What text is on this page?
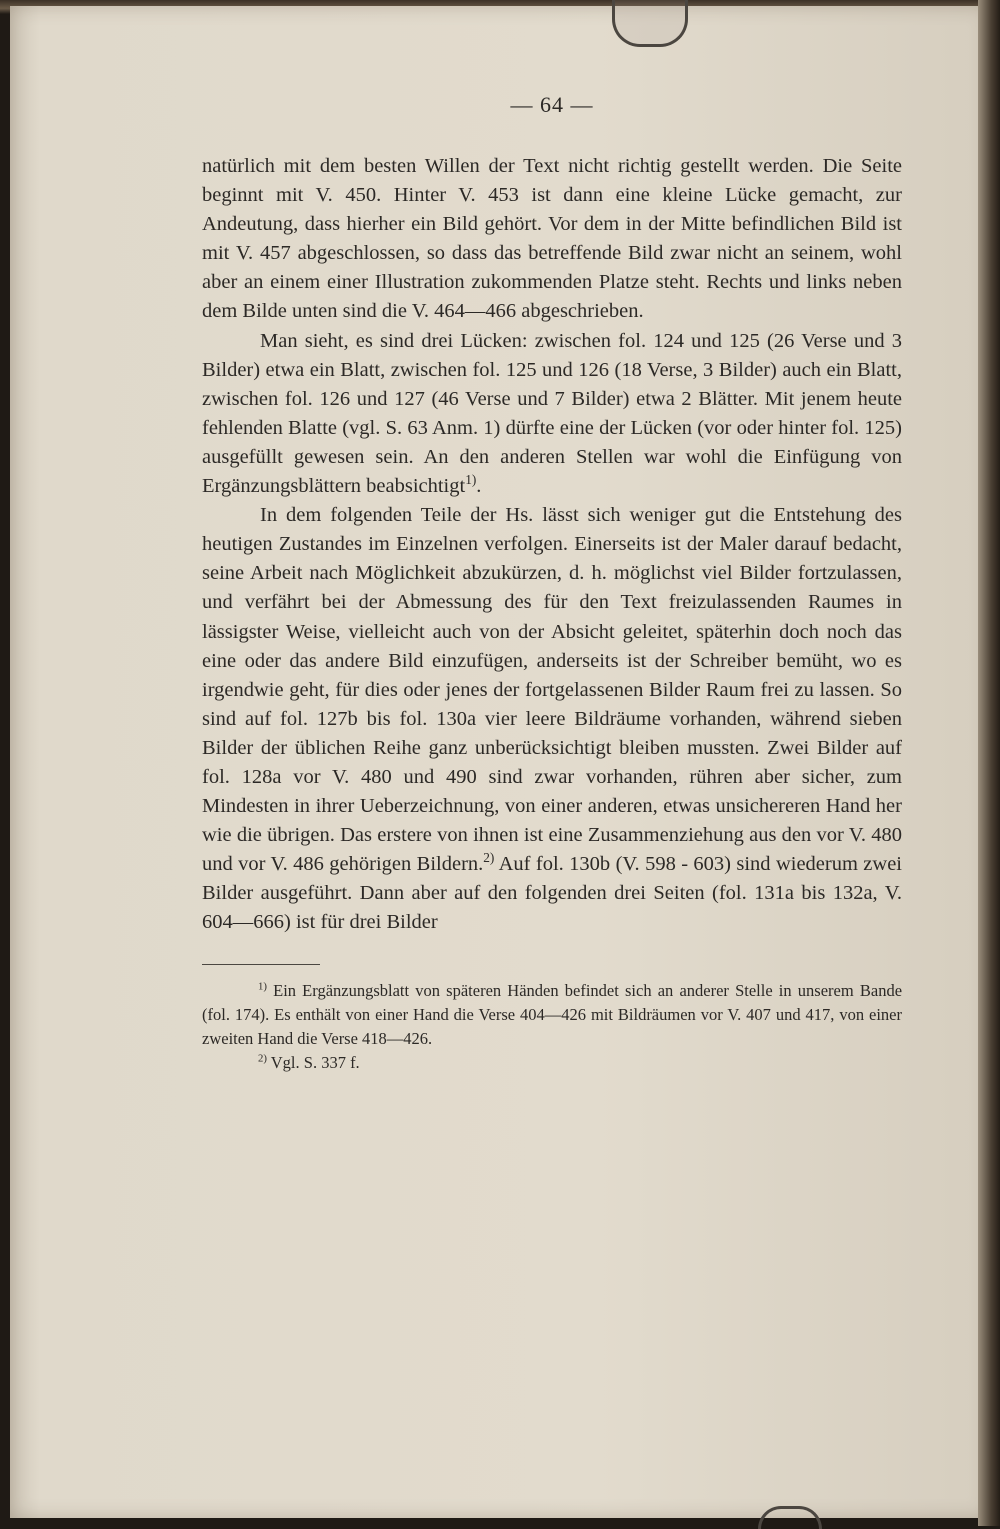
— 64 —

natürlich mit dem besten Willen der Text nicht richtig gestellt werden. Die Seite beginnt mit V. 450. Hinter V. 453 ist dann eine kleine Lücke gemacht, zur Andeutung, dass hierher ein Bild gehört. Vor dem in der Mitte befindlichen Bild ist mit V. 457 abgeschlossen, so dass das betreffende Bild zwar nicht an seinem, wohl aber an einem einer Illustration zukommenden Platze steht. Rechts und links neben dem Bilde unten sind die V. 464—466 abgeschrieben.

Man sieht, es sind drei Lücken: zwischen fol. 124 und 125 (26 Verse und 3 Bilder) etwa ein Blatt, zwischen fol. 125 und 126 (18 Verse, 3 Bilder) auch ein Blatt, zwischen fol. 126 und 127 (46 Verse und 7 Bilder) etwa 2 Blätter. Mit jenem heute fehlenden Blatte (vgl. S. 63 Anm. 1) dürfte eine der Lücken (vor oder hinter fol. 125) ausgefüllt gewesen sein. An den anderen Stellen war wohl die Einfügung von Ergänzungsblättern beabsichtigt$^{1)}$.

In dem folgenden Teile der Hs. lässt sich weniger gut die Entstehung des heutigen Zustandes im Einzelnen verfolgen. Einerseits ist der Maler darauf bedacht, seine Arbeit nach Möglichkeit abzukürzen, d. h. möglichst viel Bilder fortzulassen, und verfährt bei der Abmessung des für den Text freizulassenden Raumes in lässigster Weise, vielleicht auch von der Absicht geleitet, späterhin doch noch das eine oder das andere Bild einzufügen, anderseits ist der Schreiber bemüht, wo es irgendwie geht, für dies oder jenes der fortgelassenen Bilder Raum frei zu lassen. So sind auf fol. 127b bis fol. 130a vier leere Bildräume vorhanden, während sieben Bilder der üblichen Reihe ganz unberücksichtigt bleiben mussten. Zwei Bilder auf fol. 128a vor V. 480 und 490 sind zwar vorhanden, rühren aber sicher, zum Mindesten in ihrer Ueberzeichnung, von einer anderen, etwas unsichereren Hand her wie die übrigen. Das erstere von ihnen ist eine Zusammenziehung aus den vor V. 480 und vor V. 486 gehörigen Bildern.$^{2)}$ Auf fol. 130b (V. 598 - 603) sind wiederum zwei Bilder ausgeführt. Dann aber auf den folgenden drei Seiten (fol. 131a bis 132a, V. 604—666) ist für drei Bilder

$^{1)}$ Ein Ergänzungsblatt von späteren Händen befindet sich an anderer Stelle in unserem Bande (fol. 174). Es enthält von einer Hand die Verse 404—426 mit Bildräumen vor V. 407 und 417, von einer zweiten Hand die Verse 418—426.

$^{2)}$ Vgl. S. 337 f.
